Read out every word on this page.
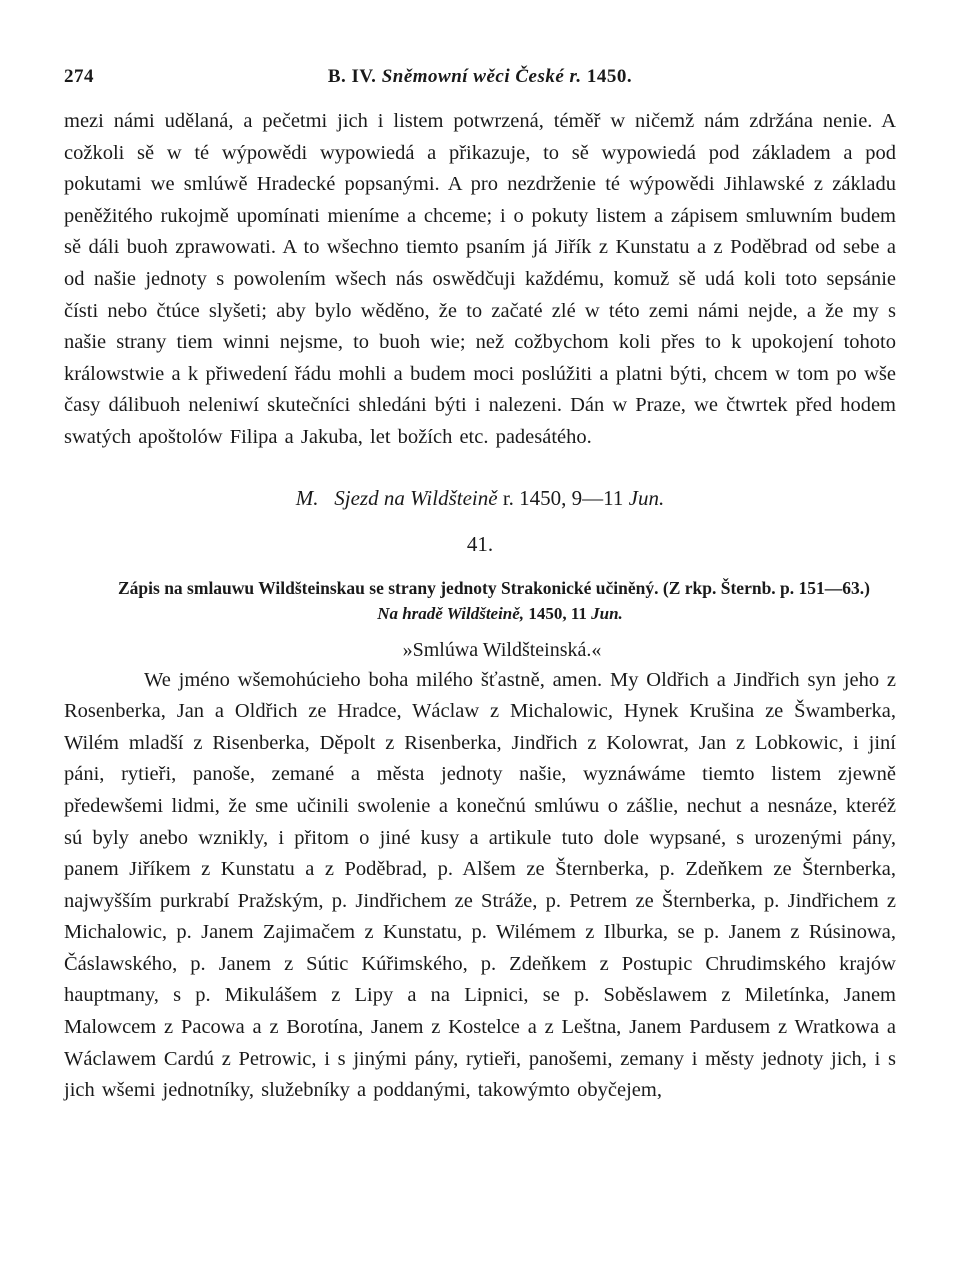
274	B. IV. Sněmowní wěci České r. 1450.

mezi námi udělaná, a pečetmi jich i listem potwrzená, téměř w ničemž nám zdržána nenie. A cožkoli sě w té wýpowědi wypowiedá a přikazuje, to sě wypowiedá pod základem a pod pokutami we smlúwě Hradecké popsanými. A pro nezdrženie té wýpowědi Jihlawské z základu peněžitého rukojmě upomínati mieníme a chceme; i o pokuty listem a zápisem smluwním budem sě dáli buoh zprawowati. A to wšechno tiemto psaním já Jiřík z Kunstatu a z Poděbrad od sebe a od našie jednoty s powolením wšech nás oswědčuji každému, komuž sě udá koli toto sepsánie čísti nebo čtúce slyšeti; aby bylo wěděno, že to začaté zlé w této zemi námi nejde, a že my s našie strany tiem winni nejsme, to buoh wie; než cožbychom koli přes to k upokojení tohoto králowstwie a k přiwedení řádu mohli a budem moci poslúžiti a platni býti, chcem w tom po wše časy dálibuoh neleniwí skutečníci shledáni býti i nalezeni. Dán w Praze, we čtwrtek před hodem swatých apoštolów Filipa a Jakuba, let božích etc. padesátého.

M. Sjezd na Wildšteině r. 1450, 9—11 Jun.
41.
Zápis na smlauwu Wildšteinskau se strany jednoty Strakonické učiněný. (Z rkp. Šternb. p. 151—63.)
Na hradě Wildšteině, 1450, 11 Jun.
»Smlúwa Wildšteinská.«

We jméno wšemohúcieho boha milého šťastně, amen. My Oldřich a Jindřich syn jeho z Rosenberka, Jan a Oldřich ze Hradce, Wáclaw z Michalowic, Hynek Krušina ze Šwamberka, Wilém mladší z Risenberka, Děpolt z Risenberka, Jindřich z Kolowrat, Jan z Lobkowic, i jiní páni, rytieři, panoše, zemané a města jednoty našie, wyznáwáme tiemto listem zjewně předewšemi lidmi, že sme učinili swolenie a konečnú smlúwu o zášlie, nechut a nesnáze, kteréž sú byly anebo wznikly, i přitom o jiné kusy a artikule tuto dole wypsané, s urozenými pány, panem Jiříkem z Kunstatu a z Poděbrad, p. Alšem ze Šternberka, p. Zdeňkem ze Šternberka, najwyšším purkrabí Pražským, p. Jindřichem ze Stráže, p. Petrem ze Šternberka, p. Jindřichem z Michalowic, p. Janem Zajimačem z Kunstatu, p. Wilémem z Ilburka, se p. Janem z Rúsinowa, Čáslawského, p. Janem z Sútic Kúřimského, p. Zdeňkem z Postupic Chrudimského krajów hauptmany, s p. Mikulášem z Lipy a na Lipnici, se p. Soběslawem z Miletínka, Janem Malowcem z Pacowa a z Borotína, Janem z Kostelce a z Leštna, Janem Pardusem z Wratkowa a Wáclawem Cardú z Petrowic, i s jinými pány, rytieři, panošemi, zemany i městy jednoty jich, i s jich wšemi jednotníky, služebníky a poddanými, takowýmto obyčejem,
